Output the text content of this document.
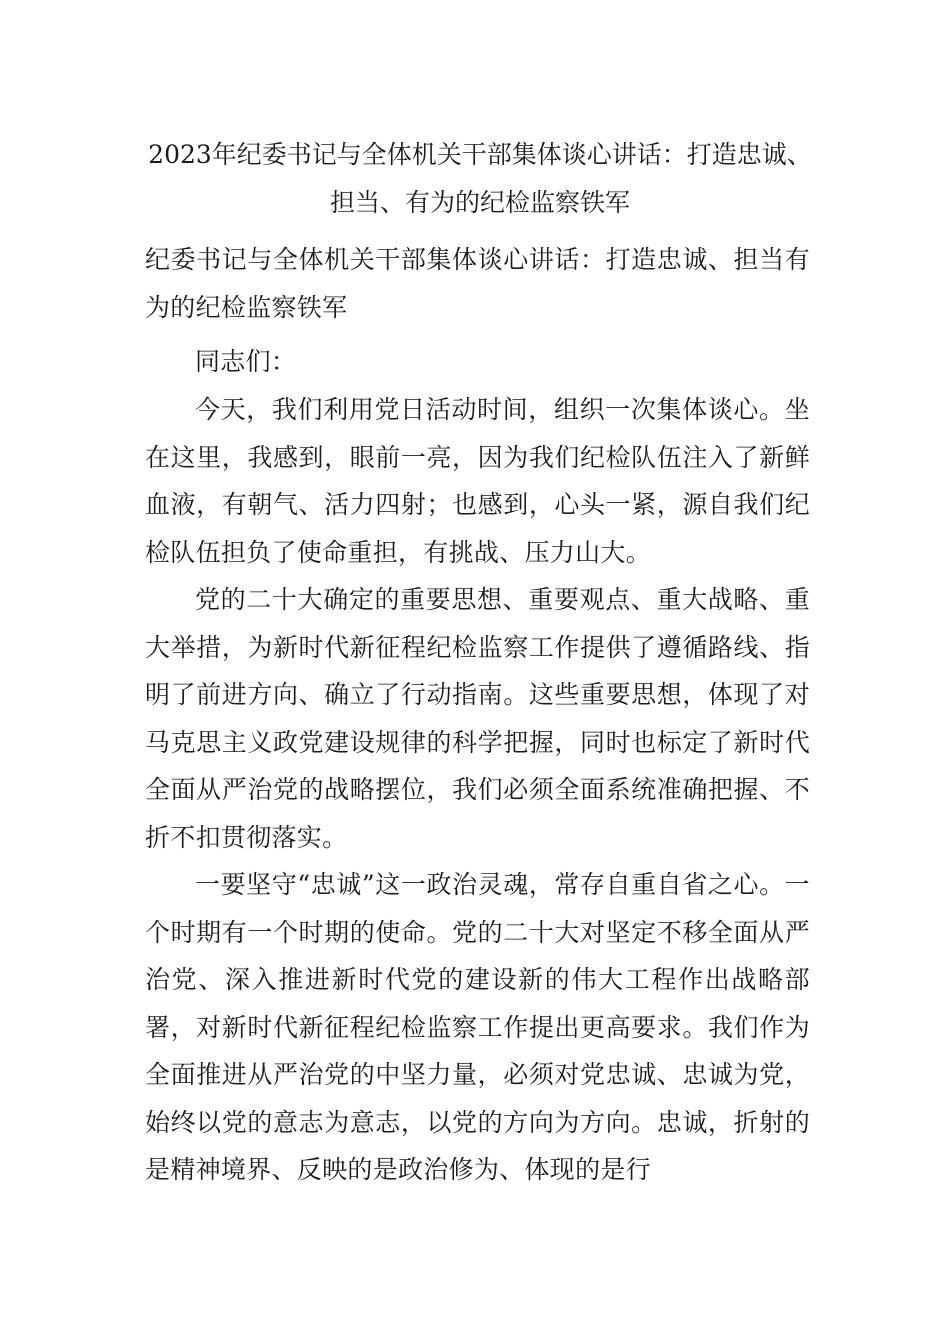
2023年纪委书记与全体机关干部集体谈心讲话：打造忠诚、
担当、有为的纪检监察铁军
纪委书记与全体机关干部集体谈心讲话：打造忠诚、担当有为的纪检监察铁军

同志们：

今天，我们利用党日活动时间，组织一次集体谈心。坐在这里，我感到，眼前一亮，因为我们纪检队伍注入了新鲜血液，有朝气、活力四射；也感到，心头一紧，源自我们纪检队伍担负了使命重担，有挑战、压力山大。

党的二十大确定的重要思想、重要观点、重大战略、重大举措，为新时代新征程纪检监察工作提供了遵循路线、指明了前进方向、确立了行动指南。这些重要思想，体现了对马克思主义政党建设规律的科学把握，同时也标定了新时代全面从严治党的战略摆位，我们必须全面系统准确把握、不折不扣贯彻落实。

一要坚守“忠诚”这一政治灵魂，常存自重自省之心。一个时期有一个时期的使命。党的二十大对坚定不移全面从严治党、深入推进新时代党的建设新的伟大工程作出战略部署，对新时代新征程纪检监察工作提出更高要求。我们作为全面推进从严治党的中坚力量，必须对党忠诚、忠诚为党，始终以党的意志为意志，以党的方向为方向。忠诚，折射的是精神境界、反映的是政治修为、体现的是行
